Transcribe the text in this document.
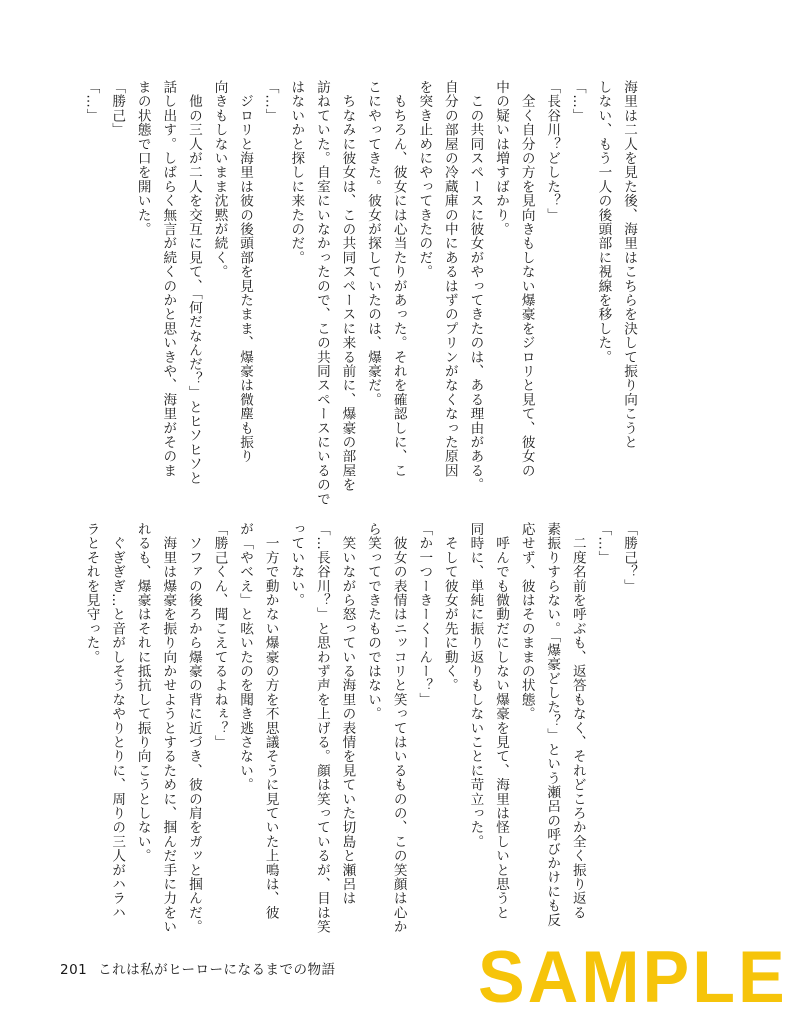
海里は二人を見た後、海里はこちらを決して振り向こうと

しない、もう一人の後頭部に視線を移した。

「…」

「長谷川？どした？」

　全く自分の方を見向きもしない爆豪をジロリと見て、彼女の

中の疑いは増すばかり。

　この共同スペースに彼女がやってきたのは、ある理由がある。

自分の部屋の冷蔵庫の中にあるはずのプリンがなくなった原因

を突き止めにやってきたのだ。

　もちろん、彼女には心当たりがあった。それを確認しに、こ

こにやってきた。彼女が探していたのは、爆豪だ。

　ちなみに彼女は、この共同スペースに来る前に、爆豪の部屋を

訪ねていた。自室にいなかったので、この共同スペースにいるので

はないかと探しに来たのだ。

「…」

　ジロリと海里は彼の後頭部を見たまま、爆豪は微塵も振り

向きもしないまま沈黙が続く。

　他の三人が二人を交互に見て、「何だなんだ？」とヒソヒソと

話し出す。しばらく無言が続くのかと思いきや、海里がそのま

まの状態で口を開いた。

「勝己」

「…」

「勝己？」

「…」

　二度名前を呼ぶも、返答もなく、それどころか全く振り返る

素振りすらない。「爆豪どした？」という瀬呂の呼びかけにも反

応せず、彼はそのままの状態。

　呼んでも微動だにしない爆豪を見て、海里は怪しいと思うと

同時に、単純に振り返りもしないことに苛立った。

　そして彼女が先に動く。

「か一つーきーくーんー？」

　彼女の表情はニッコリと笑ってはいるものの、この笑顔は心か

ら笑ってできたものではない。

　笑いながら怒っている海里の表情を見ていた切島と瀬呂は

「…長谷川？」と思わず声を上げる。顔は笑っているが、目は笑

っていない。

　一方で動かない爆豪の方を不思議そうに見ていた上鳴は、彼

が「やべえ」と呟いたのを聞き逃さない。

「勝己くん、聞こえてるよねぇ？」

　ソファの後ろから爆豪の背に近づき、彼の肩をガッと掴んだ。

　海里は爆豪を振り向かせようとするために、掴んだ手に力をい

れるも、爆豪はそれに抵抗して振り向こうとしない。

　ぐぎぎぎ…と音がしそうなやりとりに、周りの三人がハラハ

ラとそれを見守った。

201 これは私がヒーローになるまでの物語 SAMPLE
